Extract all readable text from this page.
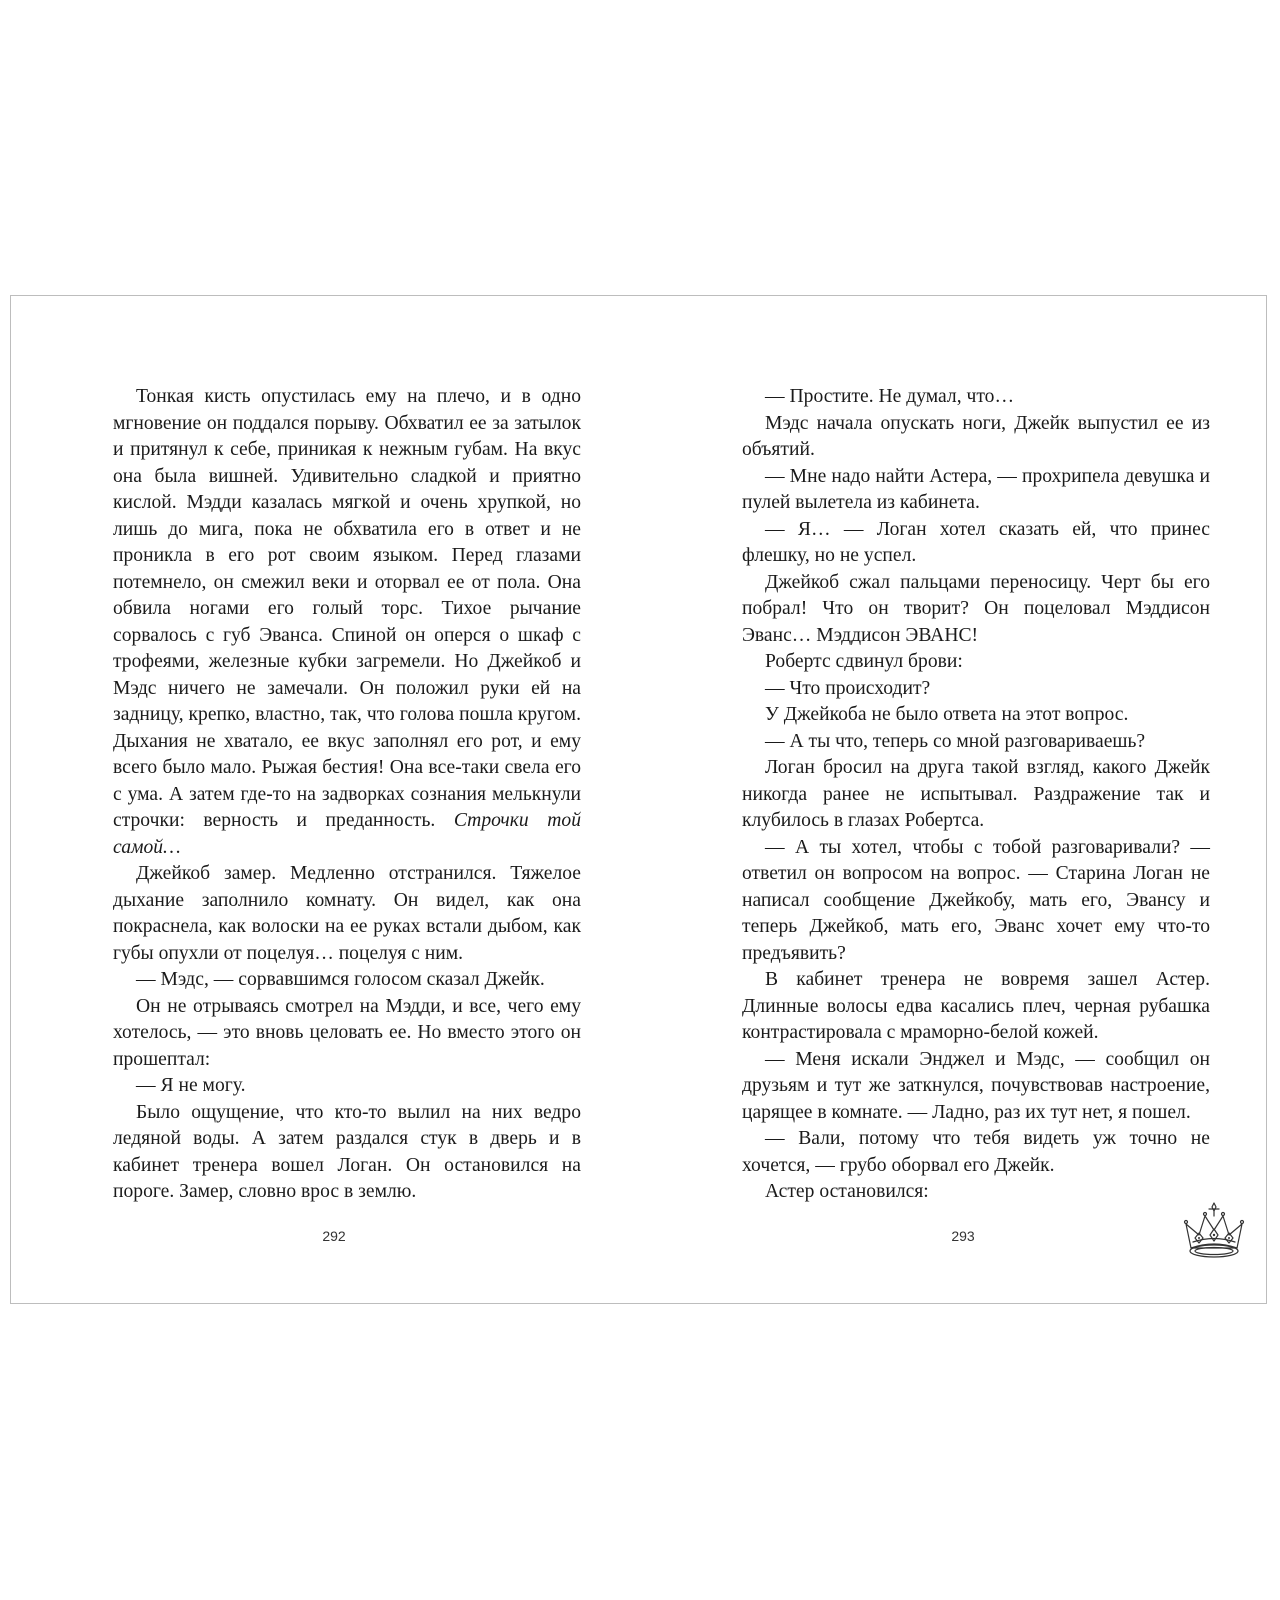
Тонкая кисть опустилась ему на плечо, и в одно мгновение он поддался порыву. Обхватил ее за затылок и притянул к себе, приникая к нежным губам. На вкус она была вишней. Удивительно сладкой и приятно кислой. Мэдди казалась мягкой и очень хрупкой, но лишь до мига, пока не обхватила его в ответ и не проникла в его рот своим языком. Перед глазами потемнело, он смежил веки и оторвал ее от пола. Она обвила ногами его голый торс. Тихое рычание сорвалось с губ Эванса. Спиной он оперся о шкаф с трофеями, железные кубки загремели. Но Джейкоб и Мэдс ничего не замечали. Он положил руки ей на задницу, крепко, властно, так, что голова пошла кругом. Дыхания не хватало, ее вкус заполнял его рот, и ему всего было мало. Рыжая бестия! Она все-таки свела его с ума. А затем где-то на задворках сознания мелькнули строчки: верность и преданность. Строчки той самой…

Джейкоб замер. Медленно отстранился. Тяжелое дыхание заполнило комнату. Он видел, как она покраснела, как волоски на ее руках встали дыбом, как губы опухли от поцелуя… поцелуя с ним.

— Мэдс, — сорвавшимся голосом сказал Джейк.

Он не отрываясь смотрел на Мэдди, и все, чего ему хотелось, — это вновь целовать ее. Но вместо этого он прошептал:

— Я не могу.

Было ощущение, что кто-то вылил на них ведро ледяной воды. А затем раздался стук в дверь и в кабинет тренера вошел Логан. Он остановился на пороге. Замер, словно врос в землю.

— Простите. Не думал, что…

Мэдс начала опускать ноги, Джейк выпустил ее из объятий.

— Мне надо найти Астера, — прохрипела девушка и пулей вылетела из кабинета.

— Я… — Логан хотел сказать ей, что принес флешку, но не успел.

Джейкоб сжал пальцами переносицу. Черт бы его побрал! Что он творит? Он поцеловал Мэддисон Эванс… Мэддисон ЭВАНС!

Робертс сдвинул брови:

— Что происходит?

У Джейкоба не было ответа на этот вопрос.

— А ты что, теперь со мной разговариваешь?

Логан бросил на друга такой взгляд, какого Джейк никогда ранее не испытывал. Раздражение так и клубилось в глазах Робертса.

— А ты хотел, чтобы с тобой разговаривали? — ответил он вопросом на вопрос. — Старина Логан не написал сообщение Джейкобу, мать его, Эвансу и теперь Джейкоб, мать его, Эванс хочет ему что-то предъявить?

В кабинет тренера не вовремя зашел Астер. Длинные волосы едва касались плеч, черная рубашка контрастировала с мраморно-белой кожей.

— Меня искали Энджел и Мэдс, — сообщил он друзьям и тут же заткнулся, почувствовав настроение, царящее в комнате. — Ладно, раз их тут нет, я пошел.

— Вали, потому что тебя видеть уж точно не хочется, — грубо оборвал его Джейк.

Астер остановился:

292	293
